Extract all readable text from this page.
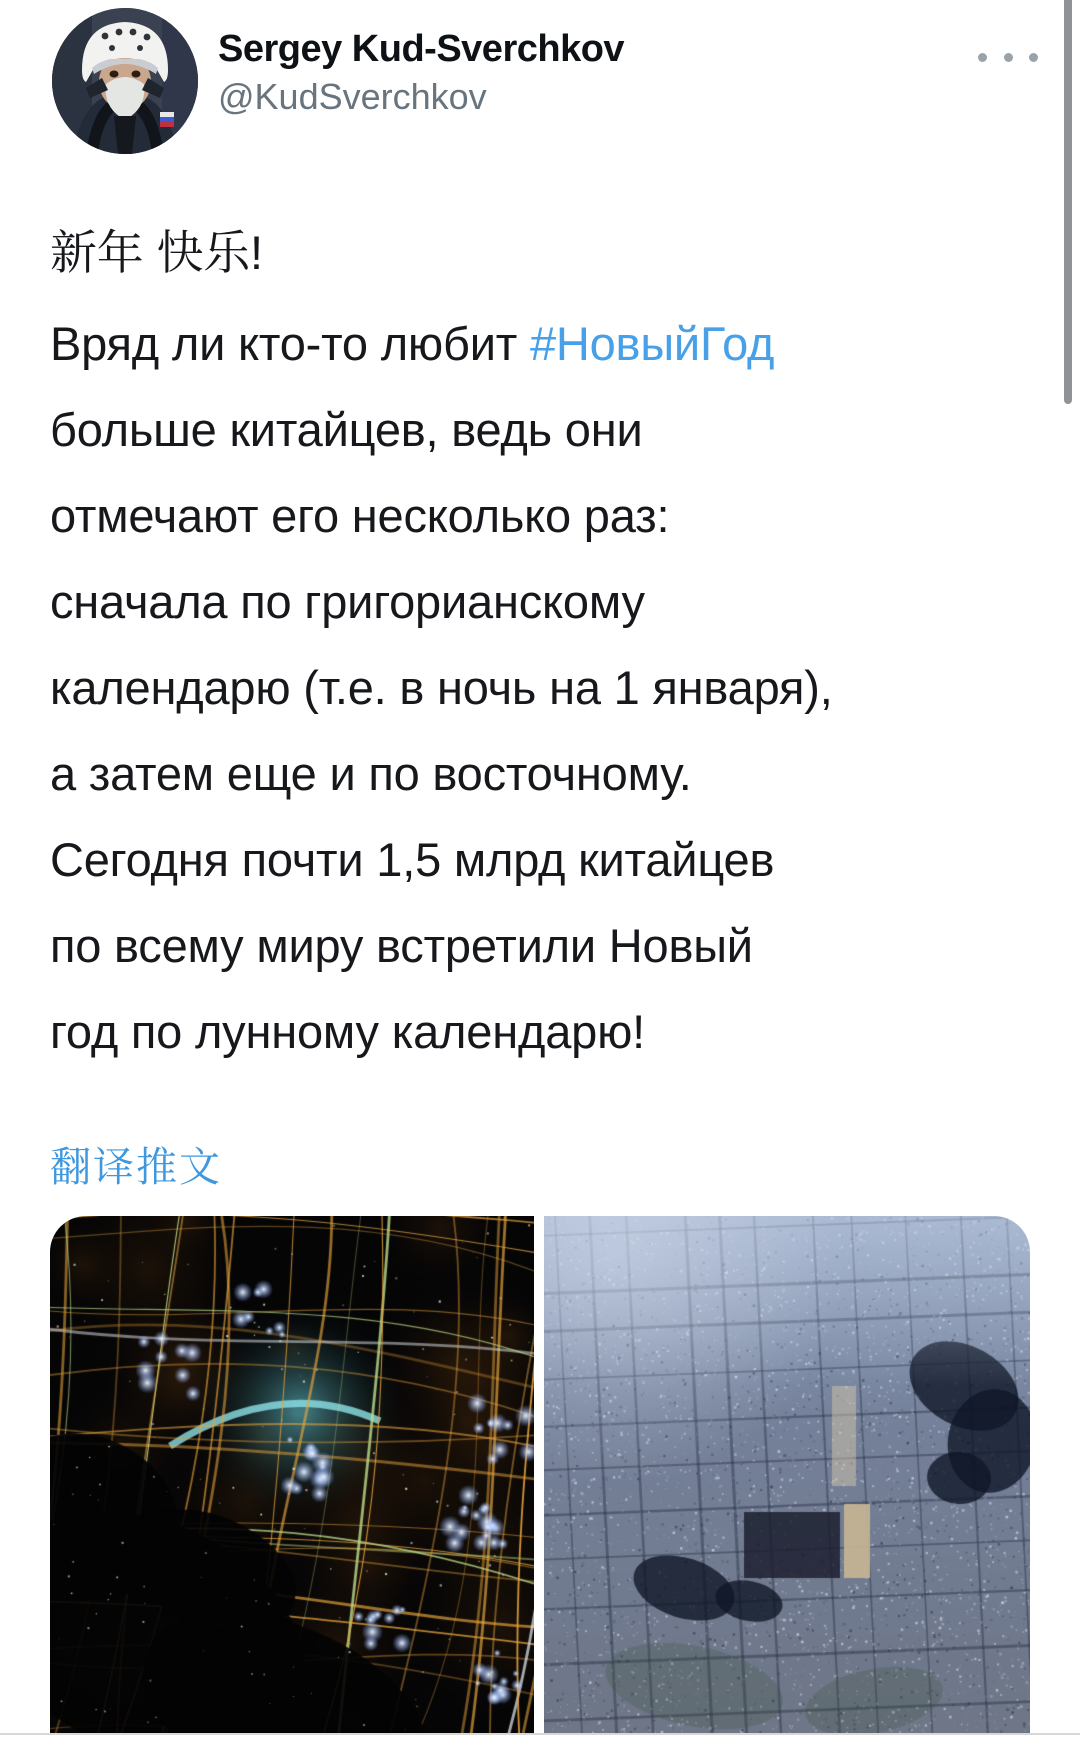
Sergey Kud-Sverchkov
@KudSverchkov
新年 快乐!
Вряд ли кто-то любит #НовыйГод
больше китайцев, ведь они
отмечают его несколько раз:
сначала по григорианскому
календарю (т.е. в ночь на 1 января),
а затем еще и по восточному.
Сегодня почти 1,5 млрд китайцев
по всему миру встретили Новый
год по лунному календарю!
翻译推文
